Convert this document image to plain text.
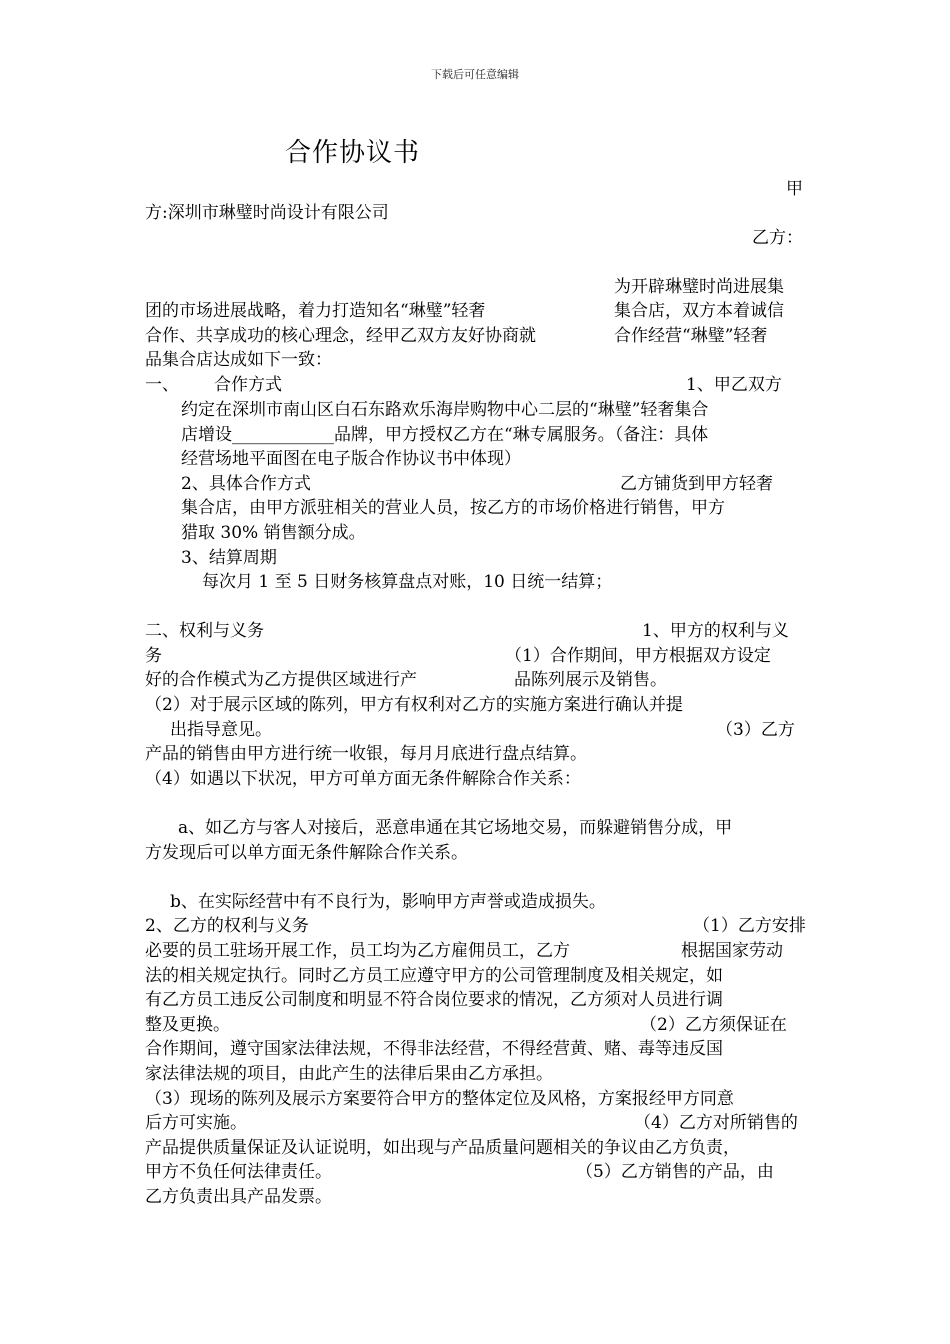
下载后可任意编辑
合作协议书
甲
方:深圳市琳璧时尚设计有限公司
乙方：
为开辟琳璧时尚进展集
团的市场进展战略，着力打造知名“琳璧”轻奢	集合店，双方本着诚信
合作、共享成功的核心理念，经甲乙双方友好协商就	合作经营“琳璧”轻奢
品集合店达成如下一致：
一、 合作方式	1、甲乙双方
约定在深圳市南山区白石东路欢乐海岸购物中心二层的“琳璧”轻奢集合
店增设____________品牌，甲方授权乙方在“琳专属服务。（备注：具体
经营场地平面图在电子版合作协议书中体现）
2、具体合作方式	乙方铺货到甲方轻奢
集合店，由甲方派驻相关的营业人员，按乙方的市场价格进行销售，甲方
猎取 30% 销售额分成。
3、结算周期
每次月 1 至 5 日财务核算盘点对账，10 日统一结算；
二、权利与义务	1、甲方的权利与义
务	（1）合作期间，甲方根据双方设定
好的合作模式为乙方提供区域进行产	品陈列展示及销售。
（2）对于展示区域的陈列，甲方有权利对乙方的实施方案进行确认并提
出指导意见。	（3）乙方
产品的销售由甲方进行统一收银，每月月底进行盘点结算。
（4）如遇以下状况，甲方可单方面无条件解除合作关系：
a、如乙方与客人对接后，恶意串通在其它场地交易，而躲避销售分成，甲
方发现后可以单方面无条件解除合作关系。
b、在实际经营中有不良行为，影响甲方声誉或造成损失。
2、乙方的权利与义务	（1）乙方安排
必要的员工驻场开展工作，员工均为乙方雇佣员工，乙方	根据国家劳动
法的相关规定执行。同时乙方员工应遵守甲方的公司管理制度及相关规定，如
有乙方员工违反公司制度和明显不符合岗位要求的情况，乙方须对人员进行调
整及更换。	（2）乙方须保证在
合作期间，遵守国家法律法规，不得非法经营，不得经营黄、赌、毒等违反国
家法律法规的项目，由此产生的法律后果由乙方承担。
（3）现场的陈列及展示方案要符合甲方的整体定位及风格，方案报经甲方同意
后方可实施。	（4）乙方对所销售的
产品提供质量保证及认证说明，如出现与产品质量问题相关的争议由乙方负责，
甲方不负任何法律责任。	（5）乙方销售的产品，由
乙方负责出具产品发票。
